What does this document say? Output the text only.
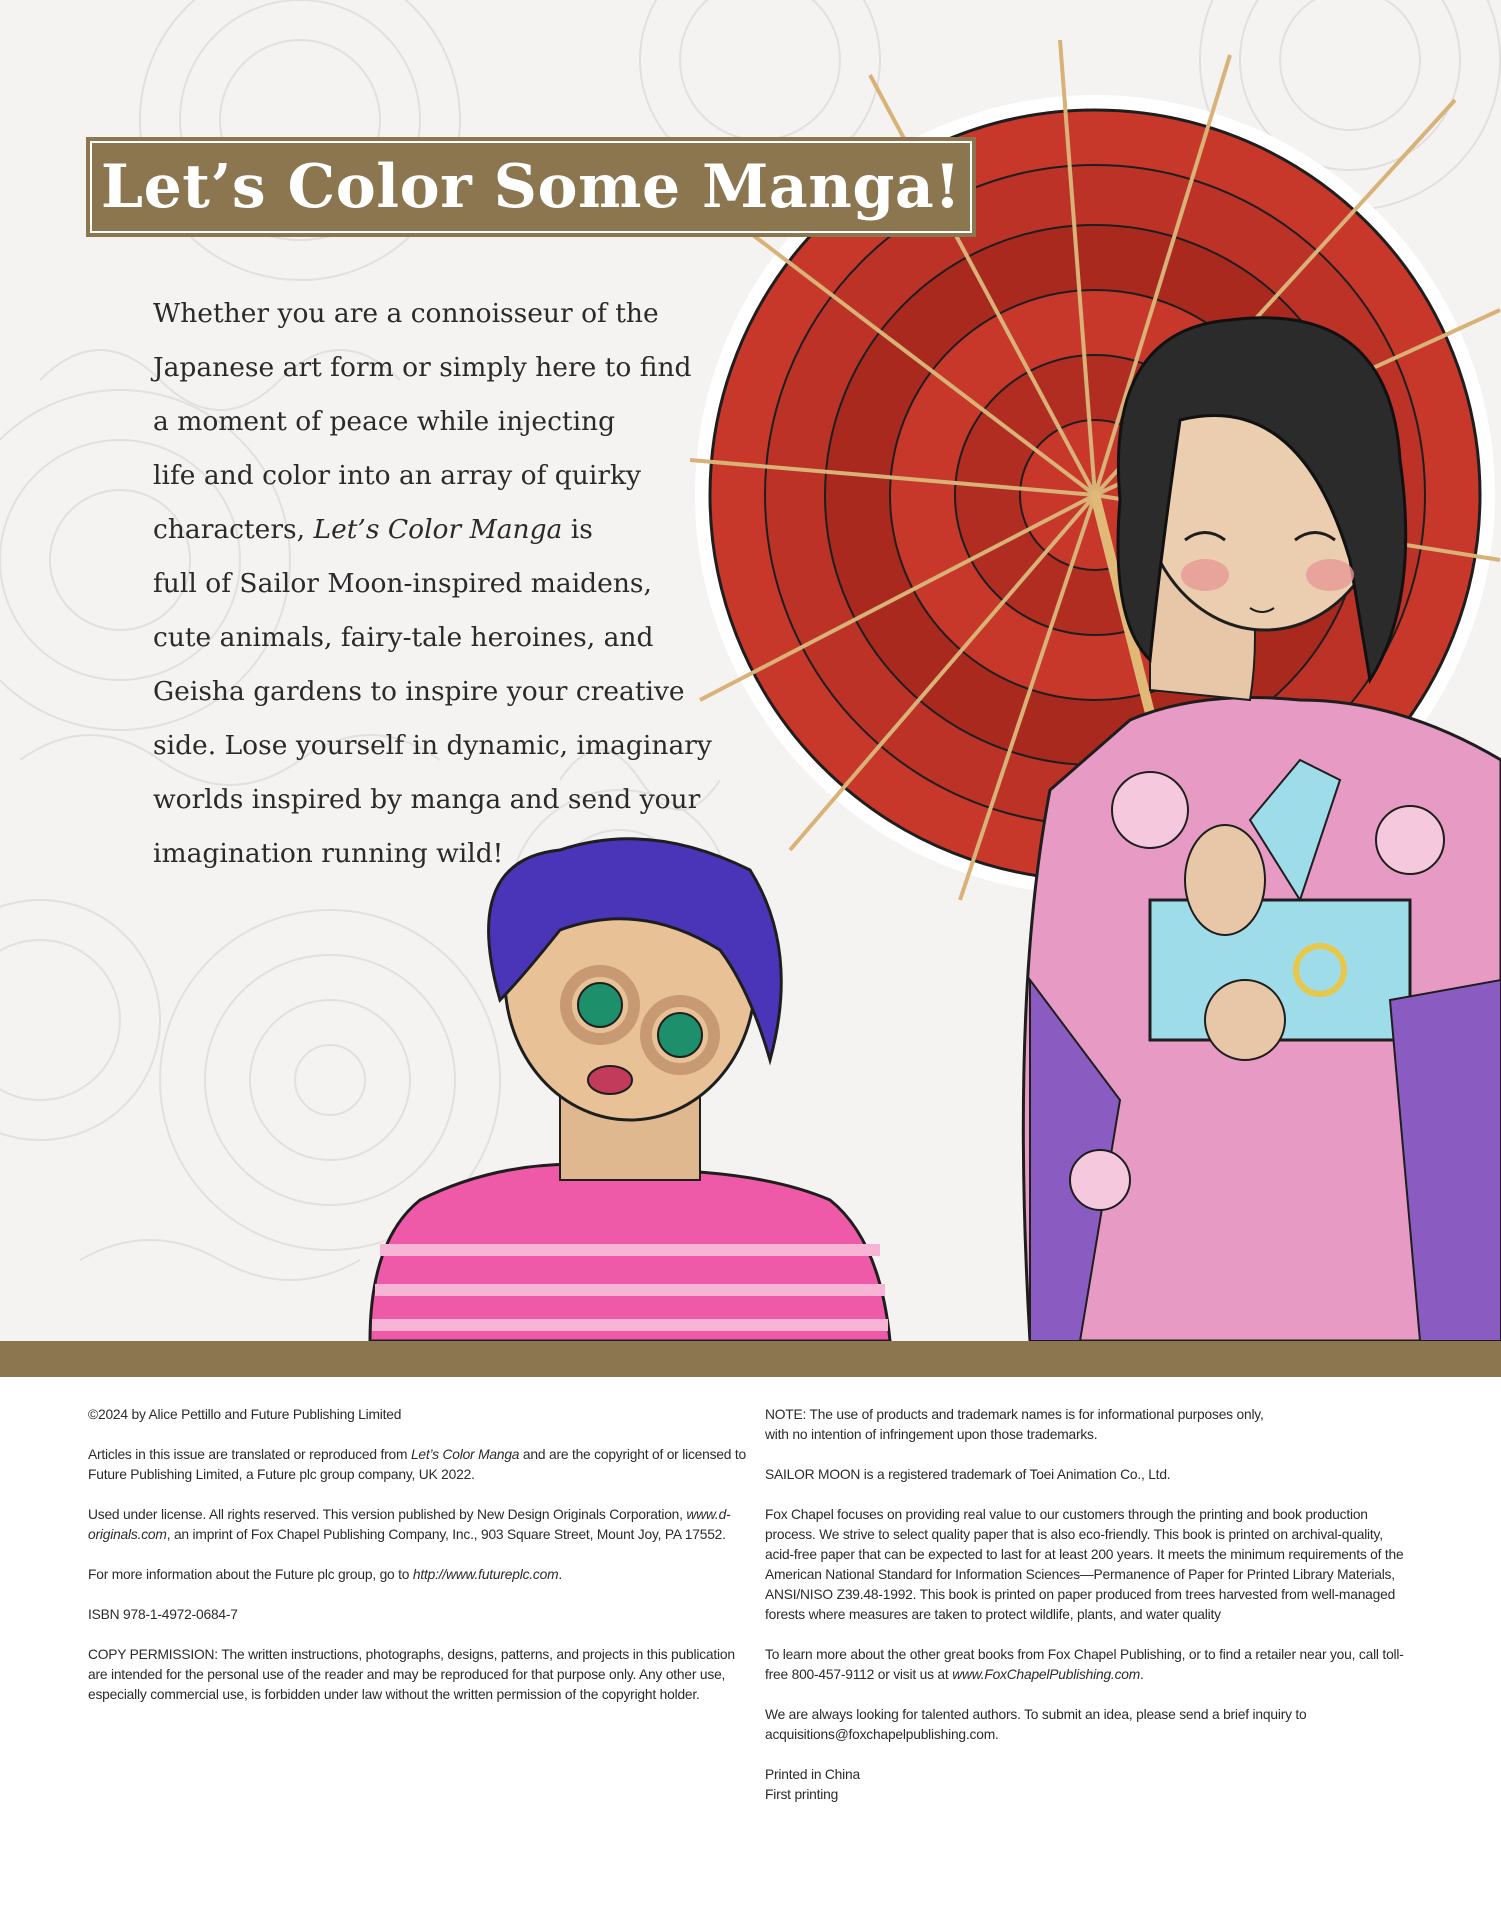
Let’s Color Some Manga!

Whether you are a connoisseur of the
Japanese art form or simply here to find
a moment of peace while injecting
life and color into an array of quirky
characters, Let’s Color Manga is
full of Sailor Moon-inspired maidens,
cute animals, fairy-tale heroines, and
Geisha gardens to inspire your creative
side. Lose yourself in dynamic, imaginary
worlds inspired by manga and send your
imagination running wild!

©2024 by Alice Pettillo and Future Publishing Limited

Articles in this issue are translated or reproduced from Let’s Color Manga and are the copyright of or licensed to Future Publishing Limited, a Future plc group company, UK 2022.

Used under license. All rights reserved. This version published by New Design Originals Corporation, www.d-originals.com, an imprint of Fox Chapel Publishing Company, Inc., 903 Square Street, Mount Joy, PA 17552.

For more information about the Future plc group, go to http://www.futureplc.com.

ISBN 978-1-4972-0684-7

COPY PERMISSION: The written instructions, photographs, designs, patterns, and projects in this publication are intended for the personal use of the reader and may be reproduced for that purpose only. Any other use, especially commercial use, is forbidden under law without the written permission of the copyright holder.

NOTE: The use of products and trademark names is for informational purposes only,
with no intention of infringement upon those trademarks.

SAILOR MOON is a registered trademark of Toei Animation Co., Ltd.

Fox Chapel focuses on providing real value to our customers through the printing and book production process. We strive to select quality paper that is also eco-friendly. This book is printed on archival-quality, acid-free paper that can be expected to last for at least 200 years. It meets the minimum requirements of the American National Standard for Information Sciences—Permanence of Paper for Printed Library Materials, ANSI/NISO Z39.48-1992. This book is printed on paper produced from trees harvested from well-managed forests where measures are taken to protect wildlife, plants, and water quality

To learn more about the other great books from Fox Chapel Publishing, or to find a retailer near you, call toll-free 800-457-9112 or visit us at www.FoxChapelPublishing.com.

We are always looking for talented authors. To submit an idea, please send a brief inquiry to acquisitions@foxchapelpublishing.com.

Printed in China
First printing
